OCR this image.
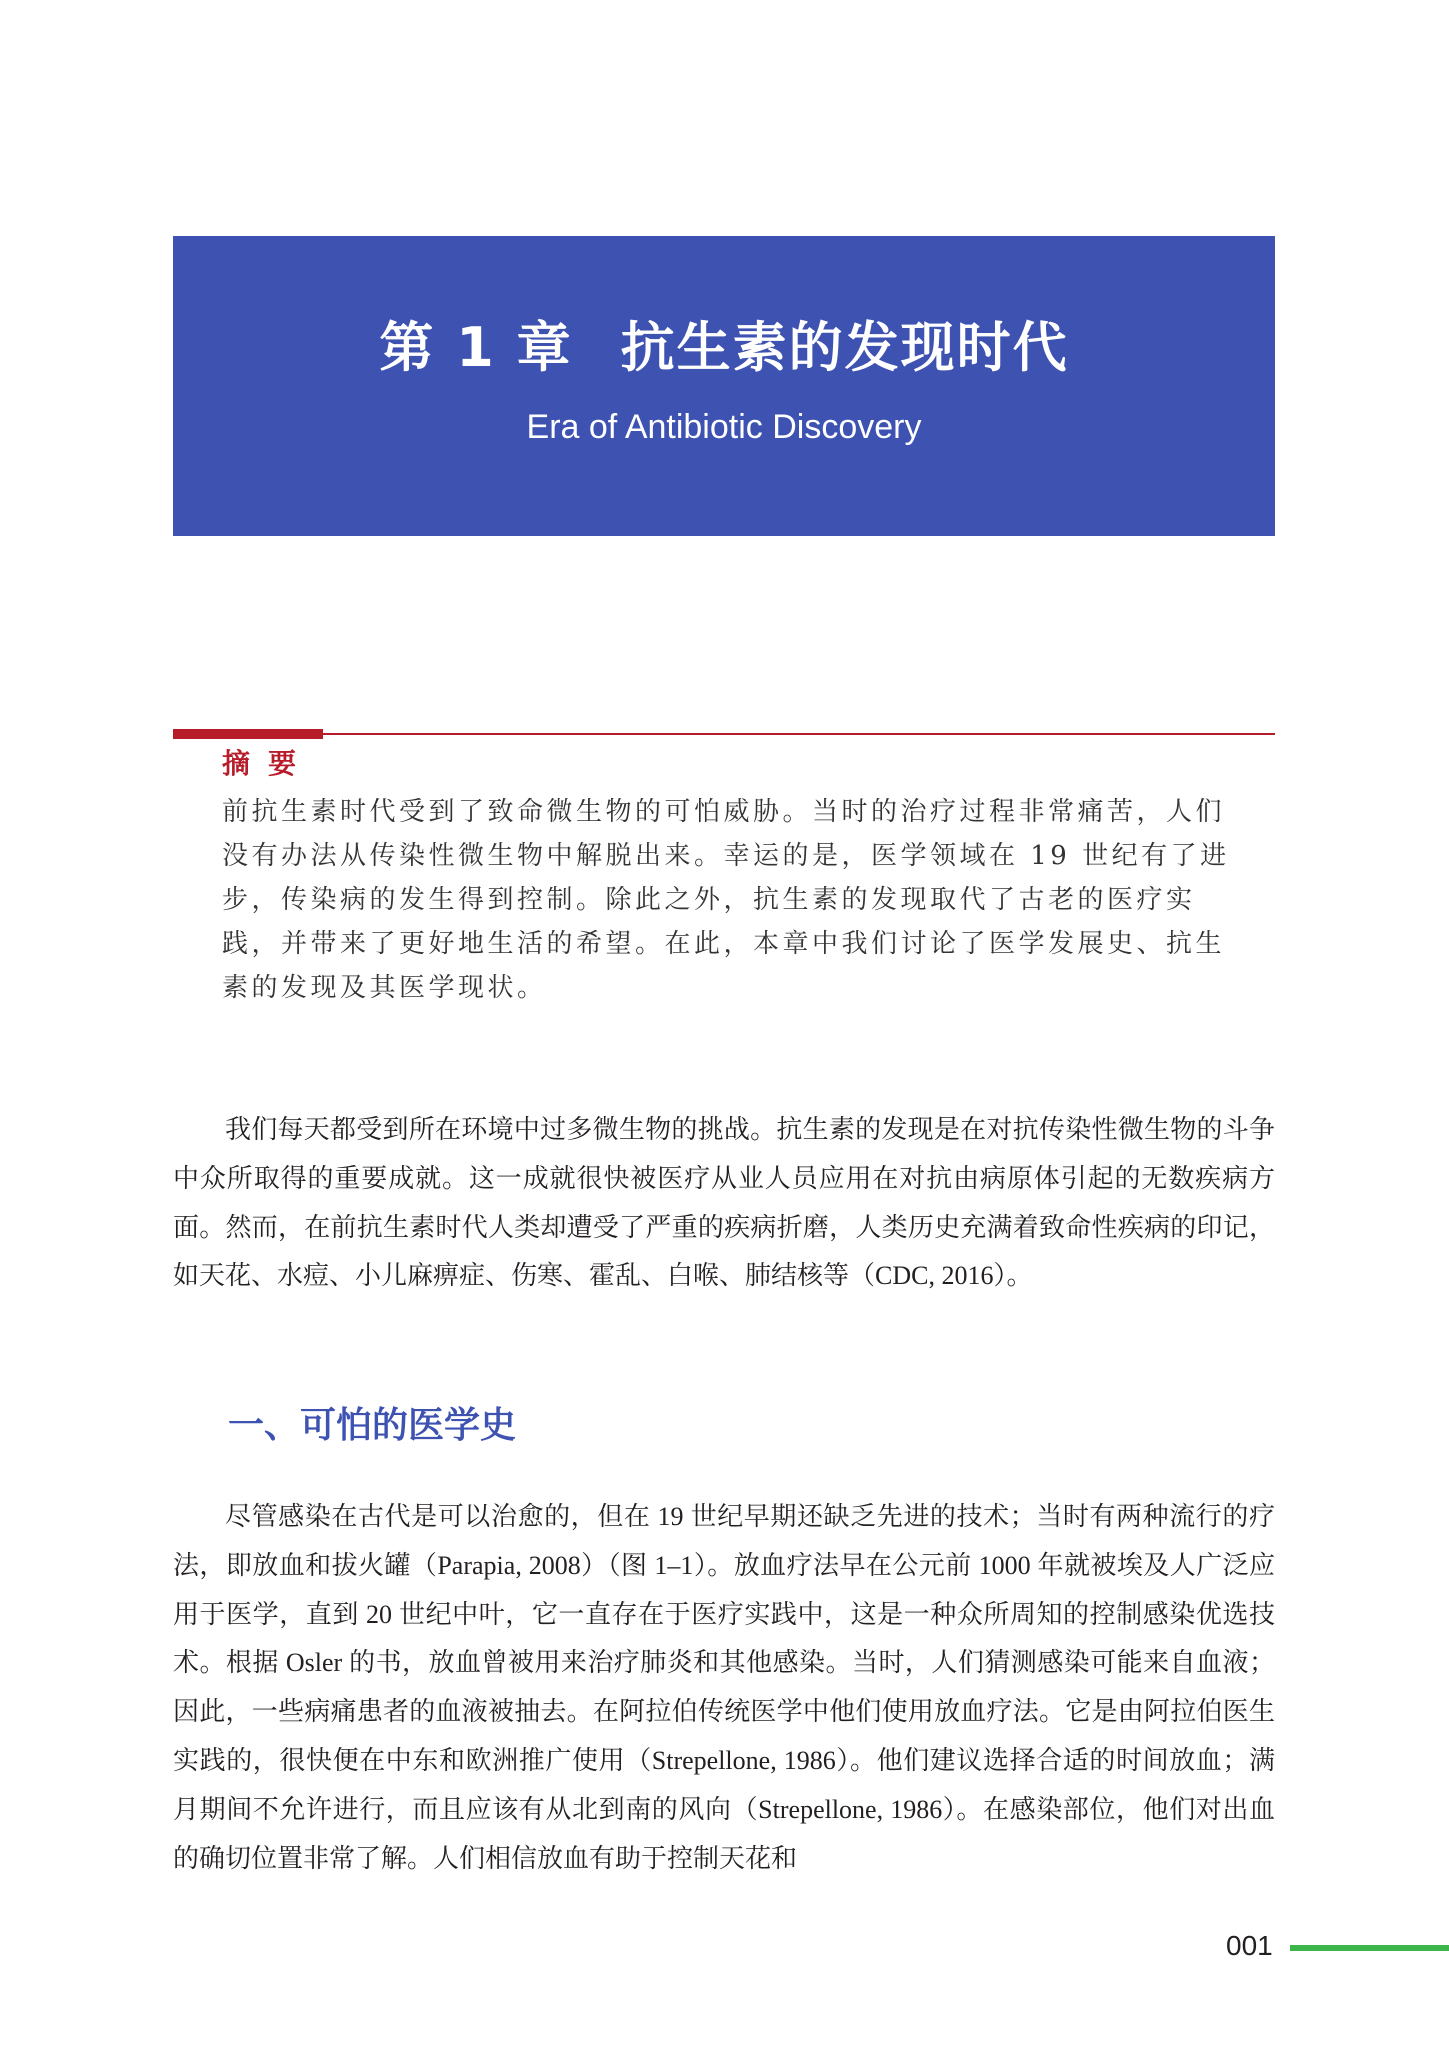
第 1 章 抗生素的发现时代
Era of Antibiotic Discovery
摘要

前抗生素时代受到了致命微生物的可怕威胁。当时的治疗过程非常痛苦，人们没有办法从传染性微生物中解脱出来。幸运的是，医学领域在 19 世纪有了进步，传染病的发生得到控制。除此之外，抗生素的发现取代了古老的医疗实践，并带来了更好地生活的希望。在此，本章中我们讨论了医学发展史、抗生素的发现及其医学现状。

我们每天都受到所在环境中过多微生物的挑战。抗生素的发现是在对抗传染性微生物的斗争中众所取得的重要成就。这一成就很快被医疗从业人员应用在对抗由病原体引起的无数疾病方面。然而，在前抗生素时代人类却遭受了严重的疾病折磨，人类历史充满着致命性疾病的印记，如天花、水痘、小儿麻痹症、伤寒、霍乱、白喉、肺结核等（CDC, 2016）。

一、可怕的医学史

尽管感染在古代是可以治愈的，但在 19 世纪早期还缺乏先进的技术；当时有两种流行的疗法，即放血和拔火罐（Parapia, 2008）（图 1–1）。放血疗法早在公元前 1000 年就被埃及人广泛应用于医学，直到 20 世纪中叶，它一直存在于医疗实践中，这是一种众所周知的控制感染优选技术。根据 Osler 的书，放血曾被用来治疗肺炎和其他感染。当时，人们猜测感染可能来自血液；因此，一些病痛患者的血液被抽去。在阿拉伯传统医学中他们使用放血疗法。它是由阿拉伯医生实践的，很快便在中东和欧洲推广使用（Strepellone, 1986）。他们建议选择合适的时间放血；满月期间不允许进行，而且应该有从北到南的风向（Strepellone, 1986）。在感染部位，他们对出血的确切位置非常了解。人们相信放血有助于控制天花和

001
